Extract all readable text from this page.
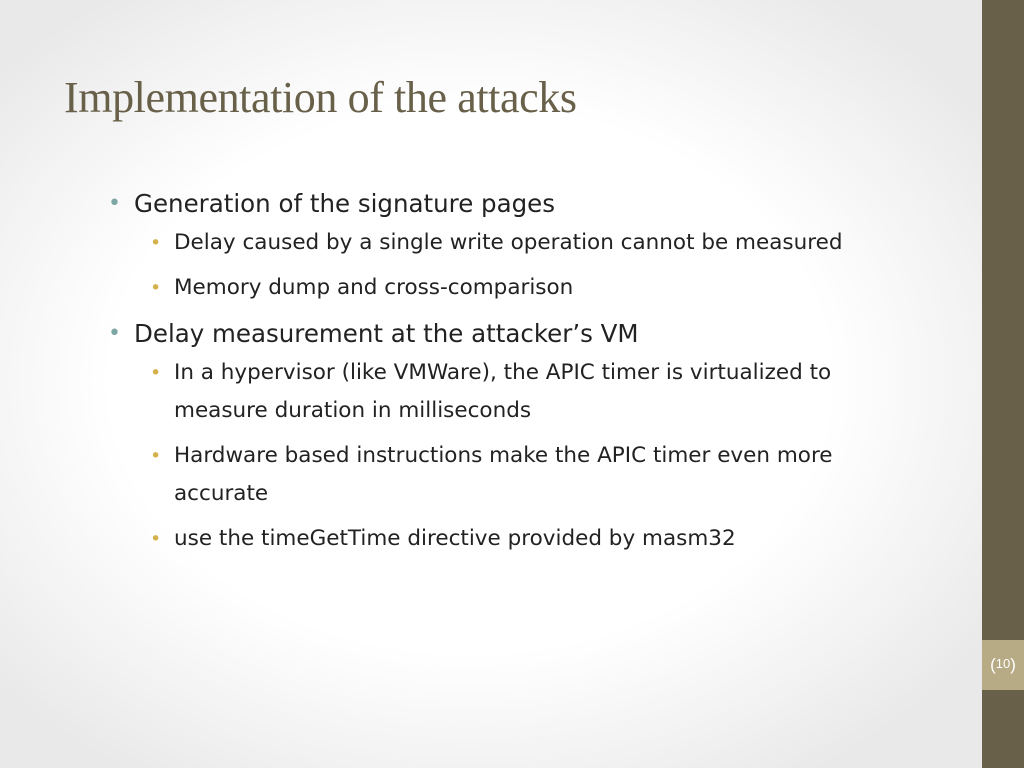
Implementation of the attacks
• Generation of the signature pages
• Delay caused by a single write operation cannot be measured
• Memory dump and cross-comparison
• Delay measurement at the attacker’s VM
• In a hypervisor (like VMWare), the APIC timer is virtualized to measure duration in milliseconds
• Hardware based instructions make the APIC timer even more accurate
• use the timeGetTime directive provided by masm32
(10)
